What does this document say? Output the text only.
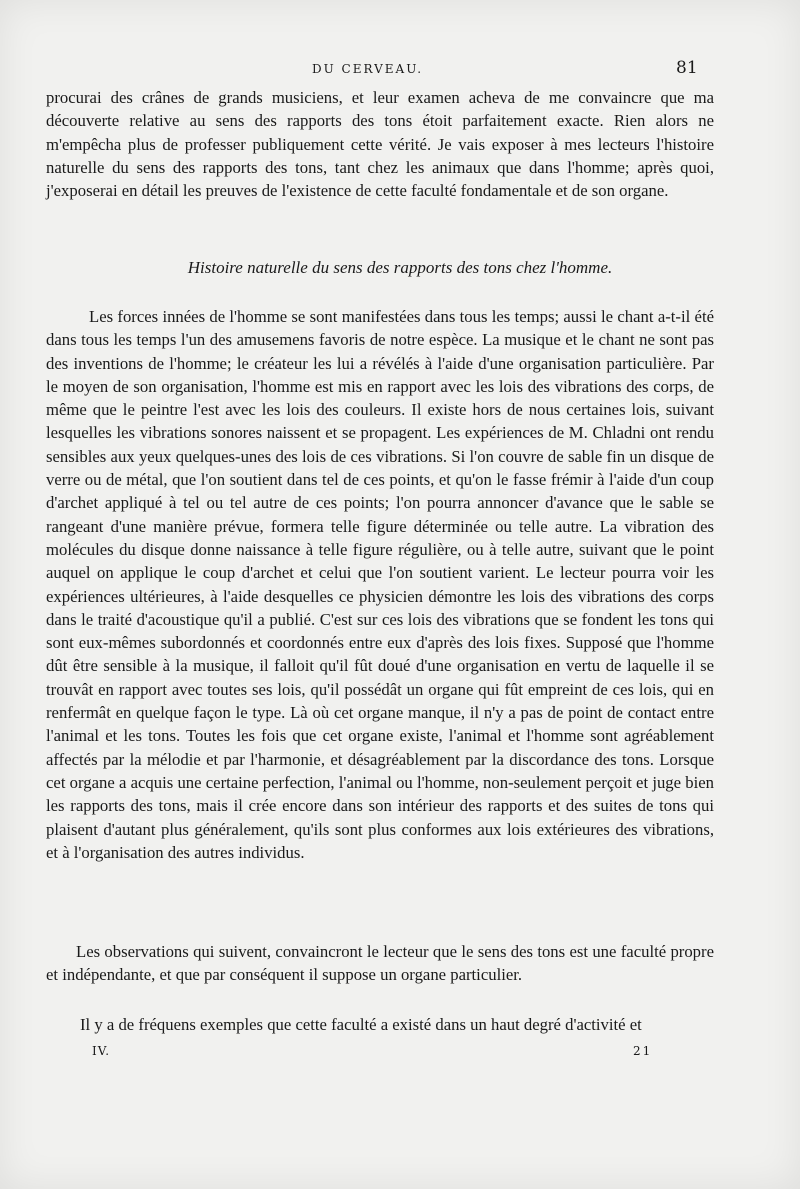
DU CERVEAU.	81

procurai des crânes de grands musiciens, et leur examen acheva de me convaincre que ma découverte relative au sens des rapports des tons étoit parfaitement exacte. Rien alors ne m'empêcha plus de professer publiquement cette vérité. Je vais exposer à mes lecteurs l'histoire naturelle du sens des rapports des tons, tant chez les animaux que dans l'homme; après quoi, j'exposerai en détail les preuves de l'existence de cette faculté fondamentale et de son organe.

Histoire naturelle du sens des rapports des tons chez l'homme.

Les forces innées de l'homme se sont manifestées dans tous les temps; aussi le chant a-t-il été dans tous les temps l'un des amusemens favoris de notre espèce. La musique et le chant ne sont pas des inventions de l'homme; le créateur les lui a révélés à l'aide d'une organisation particulière. Par le moyen de son organisation, l'homme est mis en rapport avec les lois des vibrations des corps, de même que le peintre l'est avec les lois des couleurs. Il existe hors de nous certaines lois, suivant lesquelles les vibrations sonores naissent et se propagent. Les expériences de M. Chladni ont rendu sensibles aux yeux quelques-unes des lois de ces vibrations. Si l'on couvre de sable fin un disque de verre ou de métal, que l'on soutient dans tel de ces points, et qu'on le fasse frémir à l'aide d'un coup d'archet appliqué à tel ou tel autre de ces points; l'on pourra annoncer d'avance que le sable se rangeant d'une manière prévue, formera telle figure déterminée ou telle autre. La vibration des molécules du disque donne naissance à telle figure régulière, ou à telle autre, suivant que le point auquel on applique le coup d'archet et celui que l'on soutient varient. Le lecteur pourra voir les expériences ultérieures, à l'aide desquelles ce physicien démontre les lois des vibrations des corps dans le traité d'acoustique qu'il a publié. C'est sur ces lois des vibrations que se fondent les tons qui sont eux-mêmes subordonnés et coordonnés entre eux d'après des lois fixes. Supposé que l'homme dût être sensible à la musique, il falloit qu'il fût doué d'une organisation en vertu de laquelle il se trouvât en rapport avec toutes ses lois, qu'il possédât un organe qui fût empreint de ces lois, qui en renfermât en quelque façon le type. Là où cet organe manque, il n'y a pas de point de contact entre l'animal et les tons. Toutes les fois que cet organe existe, l'animal et l'homme sont agréablement affectés par la mélodie et par l'harmonie, et désagréablement par la discordance des tons. Lorsque cet organe a acquis une certaine perfection, l'animal ou l'homme, non-seulement perçoit et juge bien les rapports des tons, mais il crée encore dans son intérieur des rapports et des suites de tons qui plaisent d'autant plus généralement, qu'ils sont plus conformes aux lois extérieures des vibrations, et à l'organisation des autres individus.

Les observations qui suivent, convaincront le lecteur que le sens des tons est une faculté propre et indépendante, et que par conséquent il suppose un organe particulier.

Il y a de fréquens exemples que cette faculté a existé dans un haut degré d'activité et

IV.	21
